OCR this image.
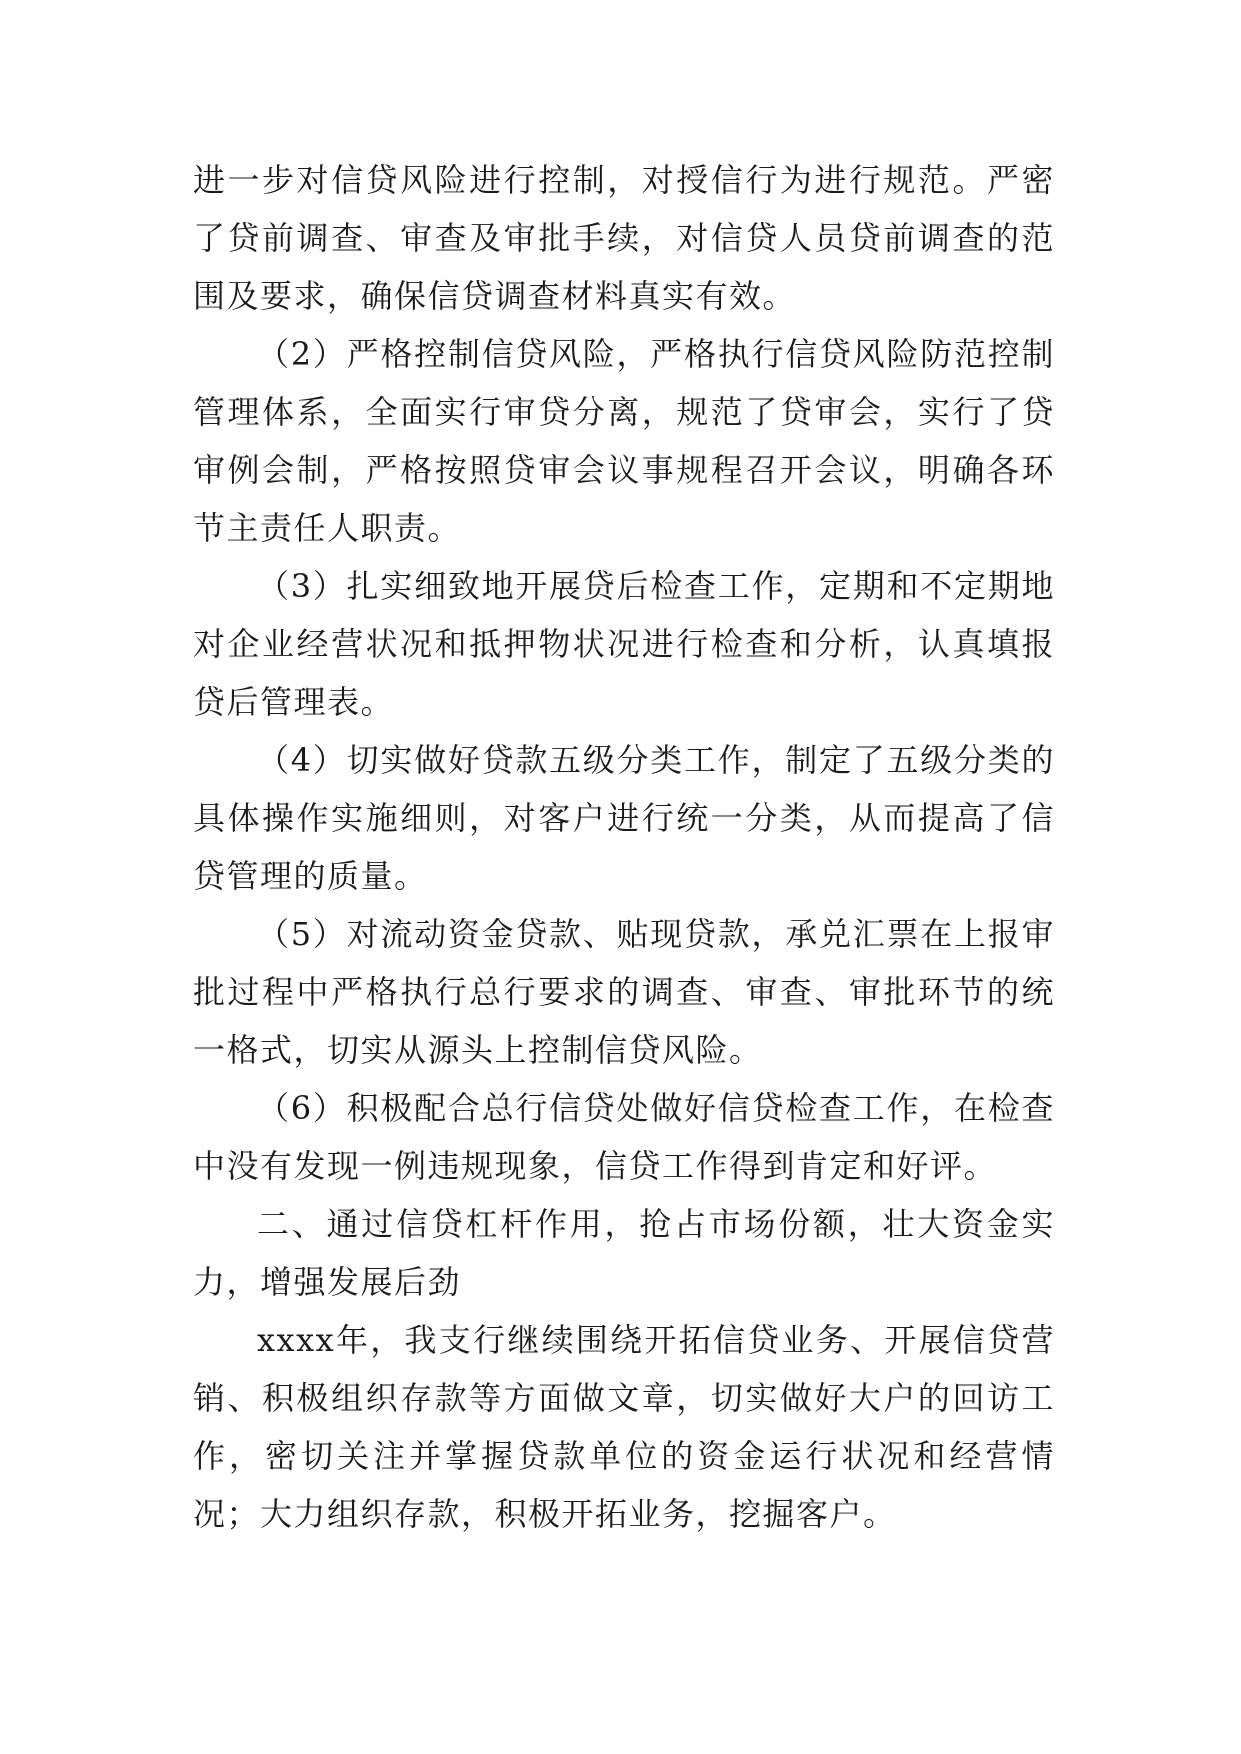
进一步对信贷风险进行控制，对授信行为进行规范。严密了贷前调查、审查及审批手续，对信贷人员贷前调查的范围及要求，确保信贷调查材料真实有效。

（2）严格控制信贷风险，严格执行信贷风险防范控制管理体系，全面实行审贷分离，规范了贷审会，实行了贷审例会制，严格按照贷审会议事规程召开会议，明确各环节主责任人职责。

（3）扎实细致地开展贷后检查工作，定期和不定期地对企业经营状况和抵押物状况进行检查和分析，认真填报贷后管理表。

（4）切实做好贷款五级分类工作，制定了五级分类的具体操作实施细则，对客户进行统一分类，从而提高了信贷管理的质量。

（5）对流动资金贷款、贴现贷款，承兑汇票在上报审批过程中严格执行总行要求的调查、审查、审批环节的统一格式，切实从源头上控制信贷风险。

（6）积极配合总行信贷处做好信贷检查工作，在检查中没有发现一例违规现象，信贷工作得到肯定和好评。

二、通过信贷杠杆作用，抢占市场份额，壮大资金实力，增强发展后劲

xxxx年，我支行继续围绕开拓信贷业务、开展信贷营销、积极组织存款等方面做文章，切实做好大户的回访工作，密切关注并掌握贷款单位的资金运行状况和经营情况；大力组织存款，积极开拓业务，挖掘客户。
